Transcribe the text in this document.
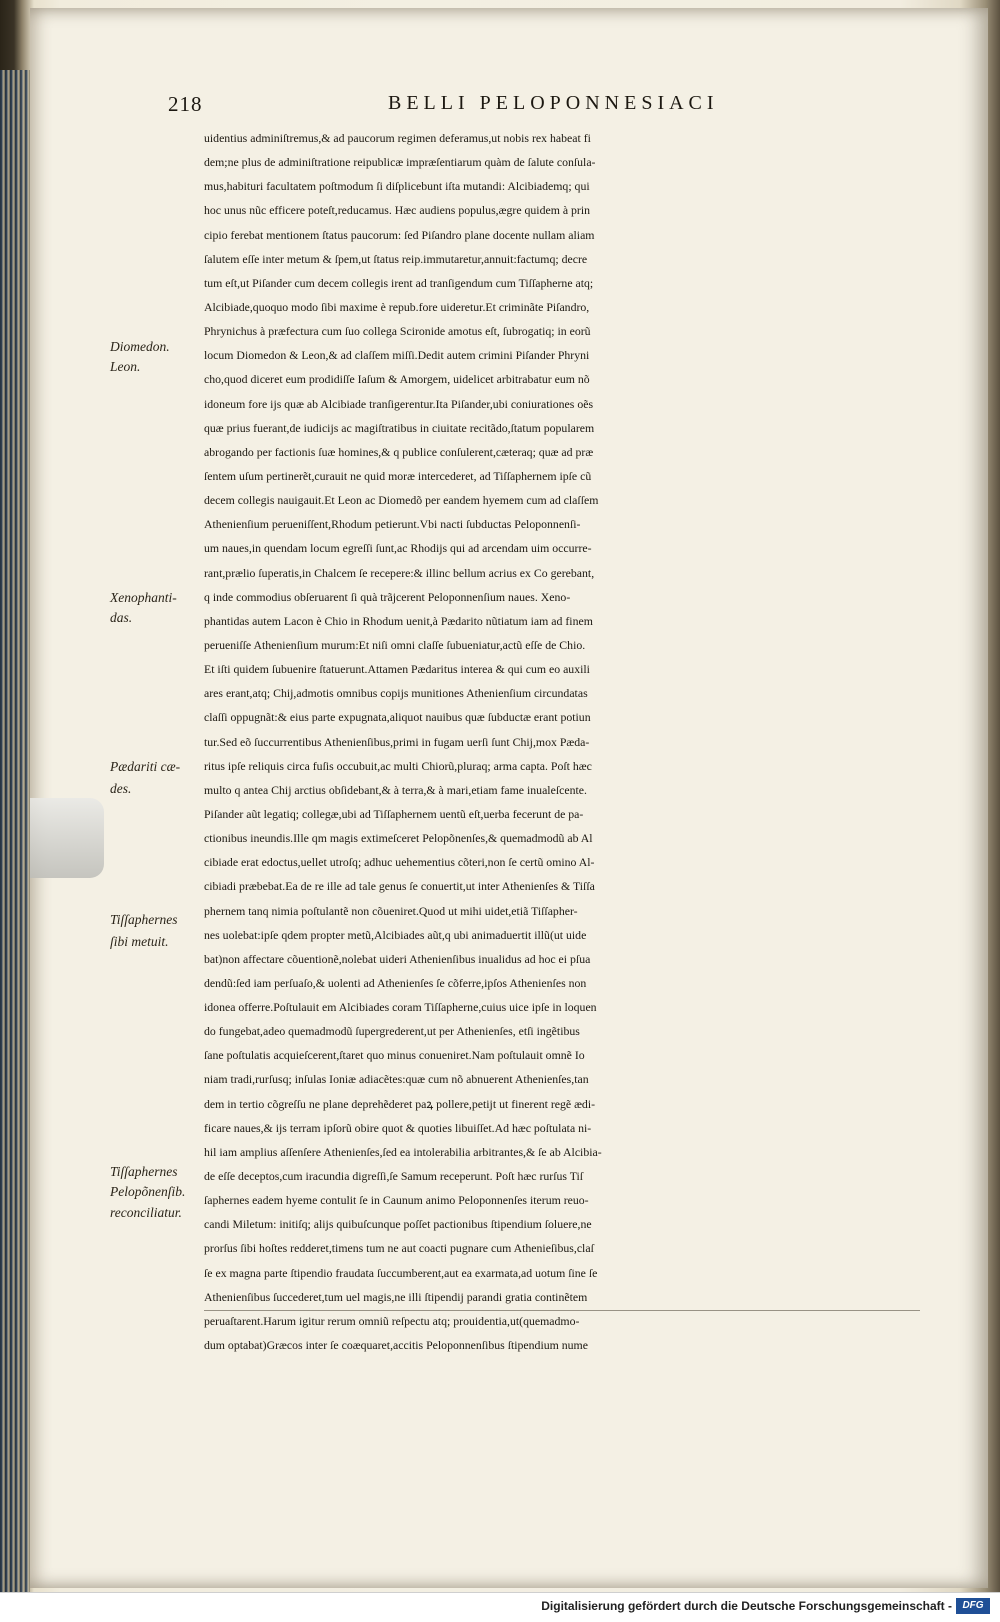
218	BELLI PELOPONNESIACI
Diomedon.
Leon.
Xenophanti-
das.
Pædariti cæ-
des.
Tiſſaphernes
ſibi metuit.
Tiſſaphernes
Pelopõnenſib.
reconciliatur.
uidentius adminiſtremus,& ad paucorum regimen deferamus,ut nobis rex habeat fi
dem;ne plus de adminiſtratione reipublicæ impræſentiarum quàm de ſalute conſula-
mus,habituri facultatem poſtmodum ſi diſplicebunt iſta mutandi: Alcibiademq; qui
hoc unus nũc efficere poteſt,reducamus. Hæc audiens populus,ægre quidem à prin
cipio ferebat mentionem ſtatus paucorum: ſed Piſandro plane docente nullam aliam
ſalutem eſſe inter metum & ſpem,ut ſtatus reip.immutaretur,annuit:factumq; decre
tum eſt,ut Piſander cum decem collegis irent ad tranſigendum cum Tiſſapherne atq;
Alcibiade,quoquo modo ſibi maxime è repub.fore uideretur.Et criminãte Piſandro,
Phrynichus à præfectura cum ſuo collega Scironide amotus eſt, ſubrogatiq; in eorũ
locum Diomedon & Leon,& ad claſſem miſſi.Dedit autem crimini Piſander Phryni
cho,quod diceret eum prodidiſſe Iaſum & Amorgem, uidelicet arbitrabatur eum nõ
idoneum fore ijs quæ ab Alcibiade tranſigerentur.Ita Piſander,ubi coniurationes oẽs
quæ prius fuerant,de iudicijs ac magiſtratibus in ciuitate recitãdo,ſtatum popularem
abrogando per factionis ſuæ homines,& q publice conſulerent,cæteraq; quæ ad præ
ſentem uſum pertinerẽt,curauit ne quid moræ intercederet, ad Tiſſaphernem ipſe cũ
decem collegis nauigauit.Et Leon ac Diomedõ per eandem hyemem cum ad claſſem
Athenienſium perueniſſent,Rhodum petierunt.Vbi nacti ſubductas Peloponnenſi-
um naues,in quendam locum egreſſi ſunt,ac Rhodijs qui ad arcendam uim occurre-
rant,prælio ſuperatis,in Chalcem ſe recepere:& illinc bellum acrius ex Co gerebant,
q inde commodius obſeruarent ſi quà trãjcerent Peloponnenſium naues. Xeno-
phantidas autem Lacon è Chio in Rhodum uenit,à Pædarito nũtiatum iam ad finem
perueniſſe Athenienſium murum:Et niſi omni claſſe ſubueniatur,actũ eſſe de Chio.
Et iſti quidem ſubuenire ſtatuerunt.Attamen Pædaritus interea & qui cum eo auxili
ares erant,atq; Chij,admotis omnibus copijs munitiones Athenienſium circundatas
claſſi oppugnãt:& eius parte expugnata,aliquot nauibus quæ ſubductæ erant potiun
tur.Sed eõ ſuccurrentibus Athenienſibus,primi in fugam uerſi ſunt Chij,mox Pæda-
ritus ipſe reliquis circa fuſis occubuit,ac multi Chiorũ,pluraq; arma capta. Poſt hæc
multo q antea Chij arctius obſidebant,& à terra,& à mari,etiam fame inualeſcente.
Piſander aũt legatiq; collegæ,ubi ad Tiſſaphernem uentũ eſt,uerba fecerunt de pa-
ctionibus ineundis.Ille qm magis extimeſceret Pelopõnenſes,& quemadmodũ ab Al
cibiade erat edoctus,uellet utroſq; adhuc uehementius cõteri,non ſe certũ omino Al-
cibiadi præbebat.Ea de re ille ad tale genus ſe conuertit,ut inter Athenienſes & Tiſſa
phernem tanq nimia poſtulantẽ non cõueniret.Quod ut mihi uidet,etiã Tiſſapher-
nes uolebat:ipſe qdem propter metũ,Alcibiades aũt,q ubi animaduertit illũ(ut uide
bat)non affectare cõuentionẽ,nolebat uideri Athenienſibus inualidus ad hoc ei pſua
dendũ:ſed iam perſuaſo,& uolenti ad Athenienſes ſe cõferre,ipſos Athenienſes non
idonea offerre.Poſtulauit em Alcibiades coram Tiſſapherne,cuius uice ipſe in loquen
do fungebat,adeo quemadmodũ ſupergrederent,ut per Athenienſes, etſi ingẽtibus
ſane poſtulatis acquieſcerent,ſtaret quo minus conueniret.Nam poſtulauit omnẽ Io
niam tradi,rurſusq; inſulas Ioniæ adiacẽtes:quæ cum nõ abnuerent Athenienſes,tan
dem in tertio cõgreſſu ne plane deprehẽderet paꝝ pollere,petijt ut finerent regẽ ædi-
ficare naues,& ijs terram ipſorũ obire quot & quoties libuiſſet.Ad hæc poſtulata ni-
hil iam amplius aſſenſere Athenienſes,ſed ea intolerabilia arbitrantes,& ſe ab Alcibia-
de eſſe deceptos,cum iracundia digreſſi,ſe Samum receperunt. Poſt hæc rurſus Tiſ
ſaphernes eadem hyeme contulit ſe in Caunum animo Peloponnenſes iterum reuo-
candi Miletum: initiſq; alijs quibuſcunque poſſet pactionibus ſtipendium ſoluere,ne
prorſus ſibi hoſtes redderet,timens tum ne aut coacti pugnare cum Athenieſibus,claſ
ſe ex magna parte ſtipendio fraudata ſuccumberent,aut ea exarmata,ad uotum ſine ſe
Athenienſibus ſuccederet,tum uel magis,ne illi ſtipendij parandi gratia continẽtem
peruaſtarent.Harum igitur rerum omniũ reſpectu atq; prouidentia,ut(quemadmo-
dum optabat)Græcos inter ſe coæquaret,accitis Peloponnenſibus ſtipendium nume
Digitalisierung gefördert durch die Deutsche Forschungsgemeinschaft -	DFG
